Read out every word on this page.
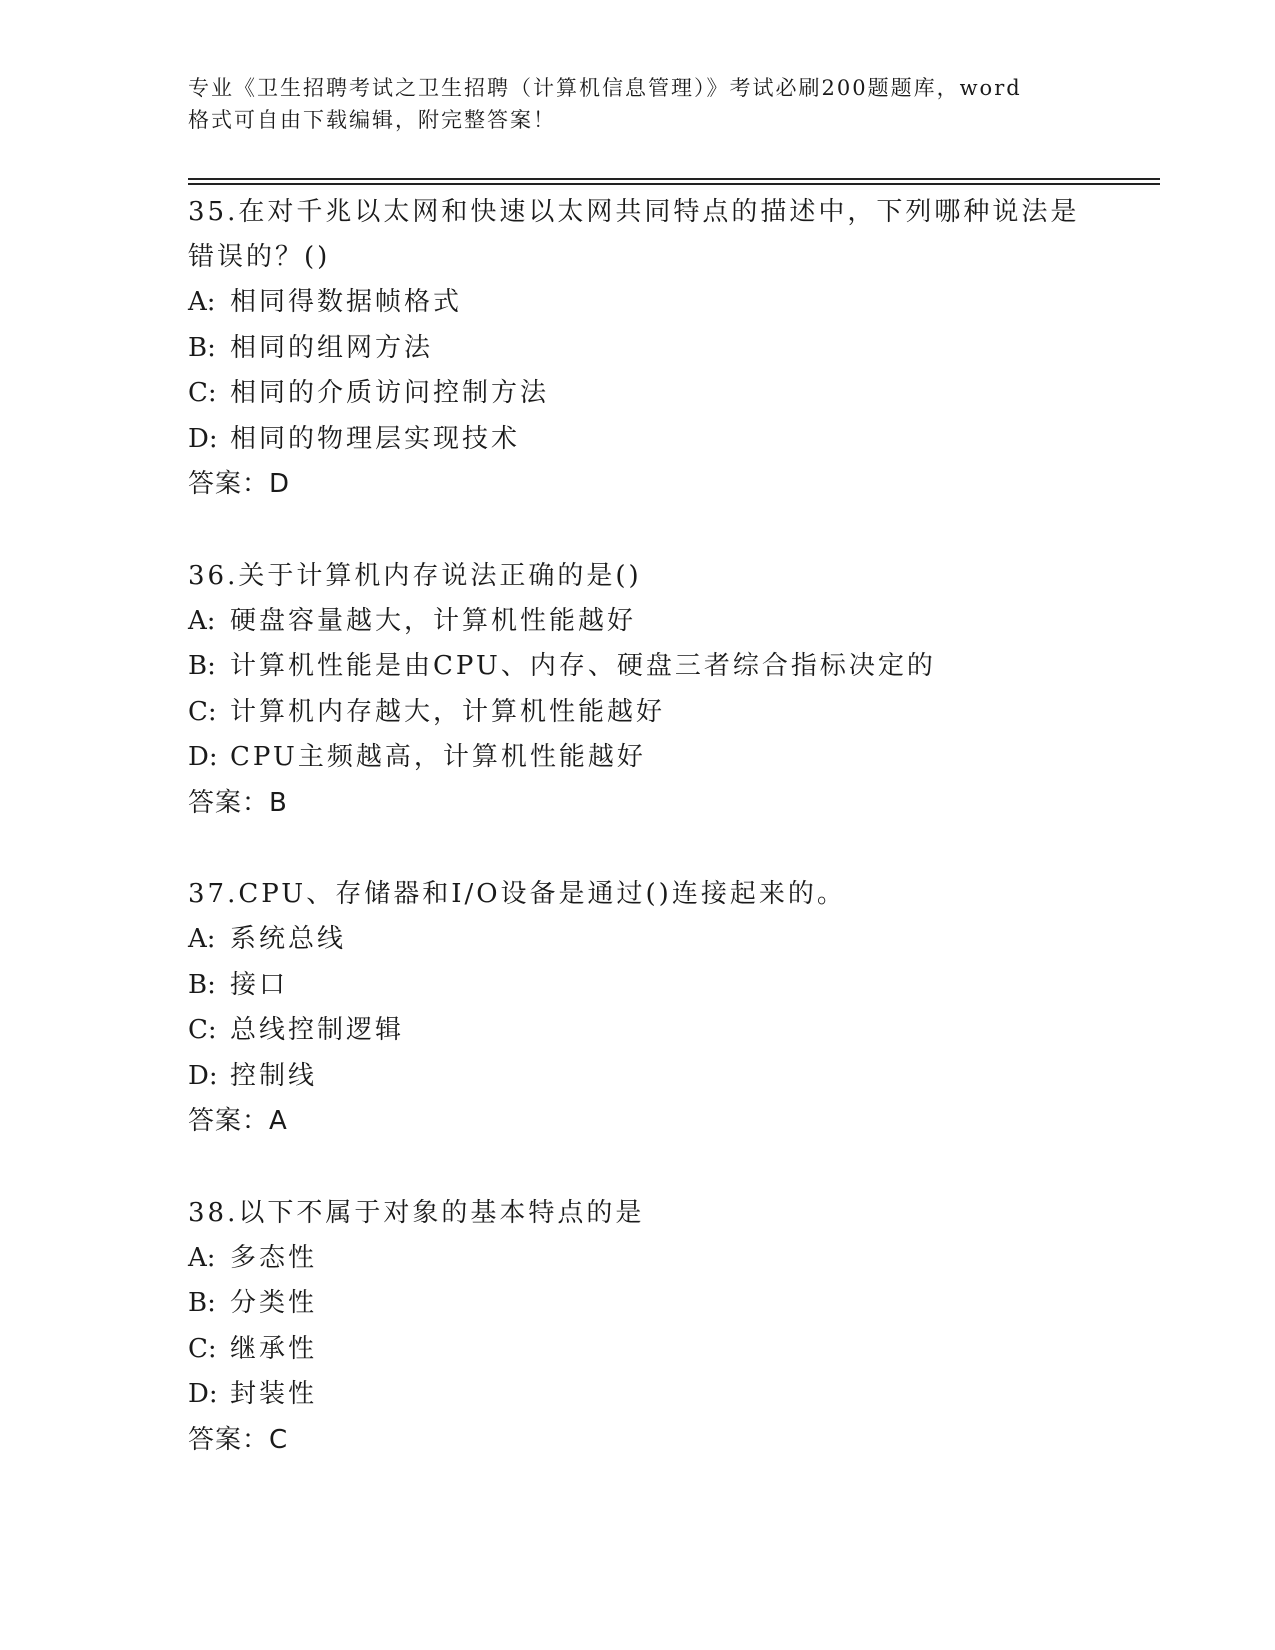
专业《卫生招聘考试之卫生招聘（计算机信息管理）》考试必刷200题题库，word
格式可自由下载编辑，附完整答案！
35.在对千兆以太网和快速以太网共同特点的描述中，下列哪种说法是
错误的？()
A: 相同得数据帧格式
B: 相同的组网方法
C: 相同的介质访问控制方法
D: 相同的物理层实现技术
答案：D
36.关于计算机内存说法正确的是()
A: 硬盘容量越大，计算机性能越好
B: 计算机性能是由CPU、内存、硬盘三者综合指标决定的
C: 计算机内存越大，计算机性能越好
D: CPU主频越高，计算机性能越好
答案：B
37.CPU、存储器和I/O设备是通过()连接起来的。
A: 系统总线
B: 接口
C: 总线控制逻辑
D: 控制线
答案：A
38.以下不属于对象的基本特点的是
A: 多态性
B: 分类性
C: 继承性
D: 封装性
答案：C
